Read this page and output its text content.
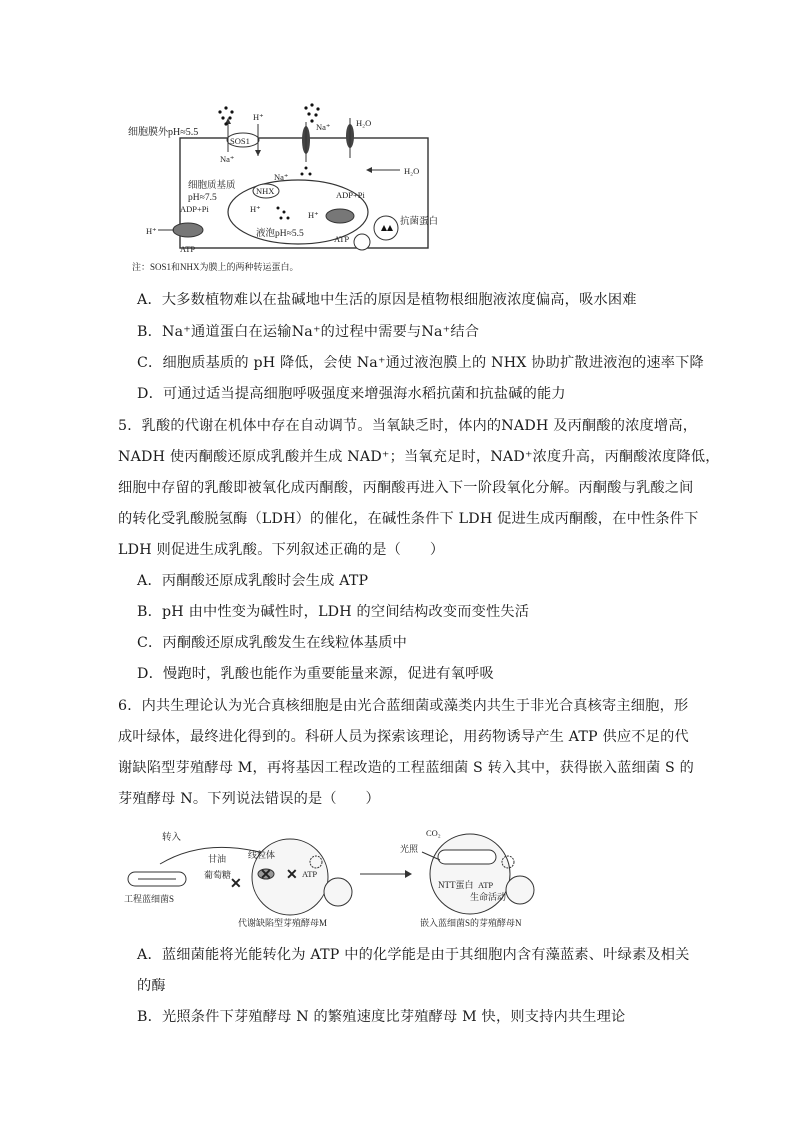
细胞膜外pH≈5.5
SOS1
H⁺
Na⁺	H₂O
H₂O
Na⁺
细胞质基质
pH≈7.5
NHX
Na⁺
H⁺
ADP+Pi
H⁺
ATP
液泡pH≈5.5
ADP+Pi
H⁺
ATP
抗菌蛋白
注：SOS1和NHX为膜上的两种转运蛋白。
A．大多数植物难以在盐碱地中生活的原因是植物根细胞液浓度偏高，吸水困难
B．Na⁺通道蛋白在运输Na⁺的过程中需要与Na⁺结合
C．细胞质基质的 pH 降低，会使 Na⁺通过液泡膜上的 NHX 协助扩散进液泡的速率下降
D．可通过适当提高细胞呼吸强度来增强海水稻抗菌和抗盐碱的能力
5．乳酸的代谢在机体中存在自动调节。当氧缺乏时，体内的NADH 及丙酮酸的浓度增高，
NADH 使丙酮酸还原成乳酸并生成 NAD⁺；当氧充足时，NAD⁺浓度升高，丙酮酸浓度降低，
细胞中存留的乳酸即被氧化成丙酮酸，丙酮酸再进入下一阶段氧化分解。丙酮酸与乳酸之间
的转化受乳酸脱氢酶（LDH）的催化，在碱性条件下 LDH 促进生成丙酮酸，在中性条件下
LDH 则促进生成乳酸。下列叙述正确的是（　　）
A．丙酮酸还原成乳酸时会生成 ATP
B．pH 由中性变为碱性时，LDH 的空间结构改变而变性失活
C．丙酮酸还原成乳酸发生在线粒体基质中
D．慢跑时，乳酸也能作为重要能量来源，促进有氧呼吸
6．内共生理论认为光合真核细胞是由光合蓝细菌或藻类内共生于非光合真核寄主细胞，形
成叶绿体，最终进化得到的。科研人员为探索该理论，用药物诱导产生 ATP 供应不足的代
谢缺陷型芽殖酵母 M，再将基因工程改造的工程蓝细菌 S 转入其中，获得嵌入蓝细菌 S 的
芽殖酵母 N。下列说法错误的是（　　）
转入
工程蓝细菌S
甘油
葡萄糖
线粒体
✕ ✕
✕
ATP
代谢缺陷型芽殖酵母M
CO₂
光照
NTT蛋白 ATP
生命活动
嵌入蓝细菌S的芽殖酵母N
A．蓝细菌能将光能转化为 ATP 中的化学能是由于其细胞内含有藻蓝素、叶绿素及相关
的酶
B．光照条件下芽殖酵母 N 的繁殖速度比芽殖酵母 M 快，则支持内共生理论
